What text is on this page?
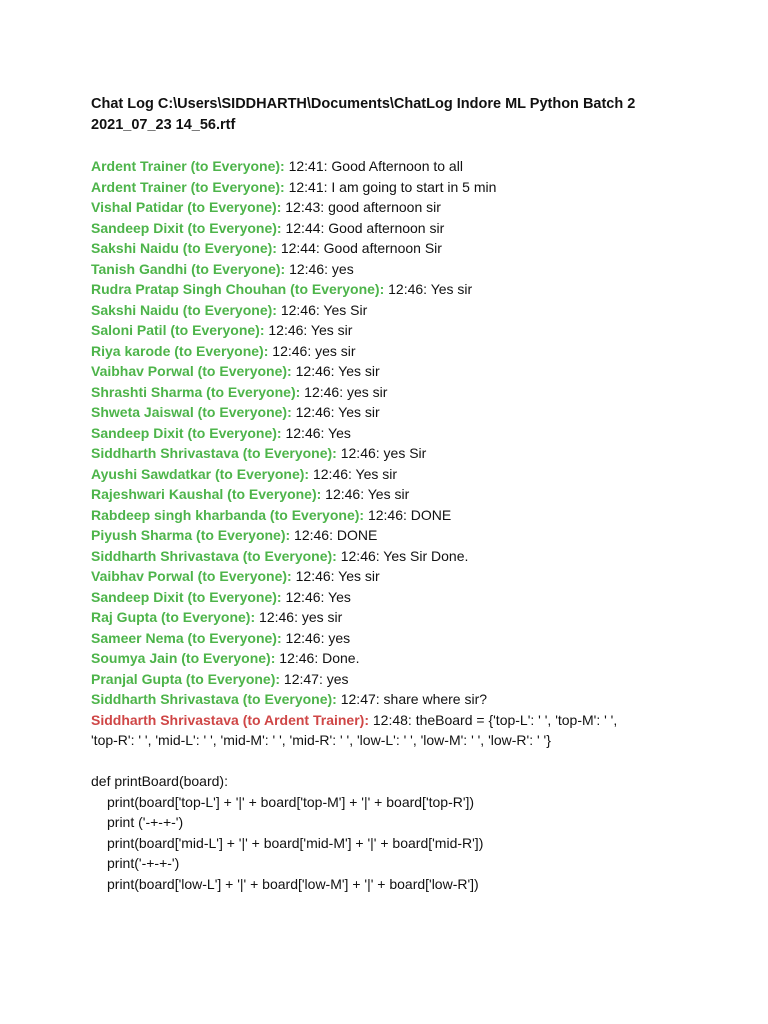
Chat Log C:\Users\SIDDHARTH\Documents\ChatLog Indore ML Python Batch 2
2021_07_23 14_56.rtf
Ardent Trainer (to Everyone): 12:41: Good Afternoon to all
Ardent Trainer (to Everyone): 12:41: I am going to start in 5 min
Vishal Patidar (to Everyone): 12:43: good afternoon sir
Sandeep Dixit (to Everyone): 12:44: Good afternoon sir
Sakshi Naidu (to Everyone): 12:44: Good afternoon Sir
Tanish Gandhi (to Everyone): 12:46: yes
Rudra Pratap Singh Chouhan (to Everyone): 12:46: Yes sir
Sakshi Naidu (to Everyone): 12:46: Yes Sir
Saloni Patil (to Everyone): 12:46: Yes sir
Riya karode (to Everyone): 12:46: yes sir
Vaibhav Porwal (to Everyone): 12:46: Yes sir
Shrashti Sharma (to Everyone): 12:46: yes sir
Shweta Jaiswal (to Everyone): 12:46: Yes sir
Sandeep Dixit (to Everyone): 12:46: Yes
Siddharth Shrivastava (to Everyone): 12:46: yes Sir
Ayushi Sawdatkar (to Everyone): 12:46: Yes sir
Rajeshwari Kaushal (to Everyone): 12:46: Yes sir
Rabdeep singh kharbanda (to Everyone): 12:46: DONE
Piyush Sharma (to Everyone): 12:46: DONE
Siddharth Shrivastava (to Everyone): 12:46: Yes Sir Done.
Vaibhav Porwal (to Everyone): 12:46: Yes sir
Sandeep Dixit (to Everyone): 12:46: Yes
Raj Gupta (to Everyone): 12:46: yes sir
Sameer Nema (to Everyone): 12:46: yes
Soumya Jain (to Everyone): 12:46: Done.
Pranjal Gupta (to Everyone): 12:47: yes
Siddharth Shrivastava (to Everyone): 12:47: share where sir?
Siddharth Shrivastava (to Ardent Trainer): 12:48: theBoard = {'top-L': ' ', 'top-M': ' ',
'top-R': ' ', 'mid-L': ' ', 'mid-M': ' ', 'mid-R': ' ', 'low-L': ' ', 'low-M': ' ', 'low-R': ' '}
def printBoard(board):
print(board['top-L'] + '|' + board['top-M'] + '|' + board['top-R'])
print ('-+-+-')
print(board['mid-L'] + '|' + board['mid-M'] + '|' + board['mid-R'])
print('-+-+-')
print(board['low-L'] + '|' + board['low-M'] + '|' + board['low-R'])
